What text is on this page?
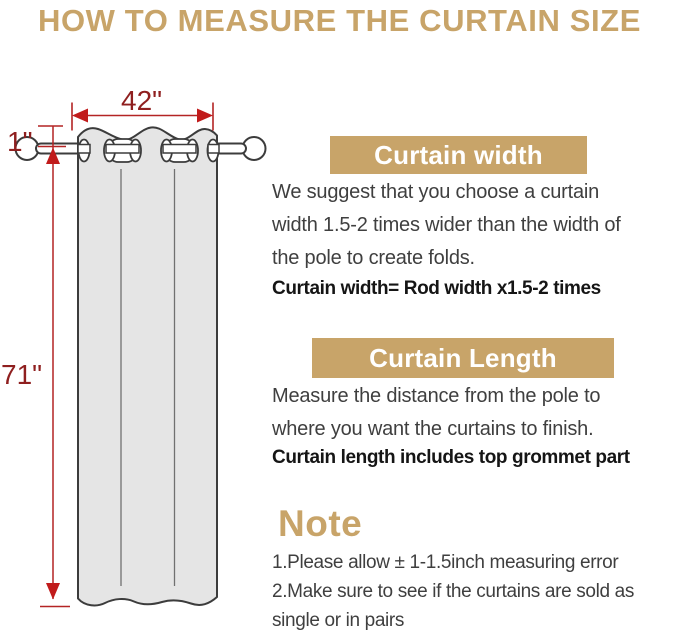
HOW TO MEASURE THE CURTAIN SIZE
42"
1"
71"
Curtain width
We suggest that you choose a curtain width 1.5-2 times wider than the width of the pole to create folds.
Curtain width= Rod width x1.5-2 times
Curtain Length
Measure the distance from the pole to where you want the curtains to finish.
Curtain length includes top grommet part
Note
1.Please allow ± 1-1.5inch measuring error
2.Make sure to see if the curtains are sold as single or in pairs
